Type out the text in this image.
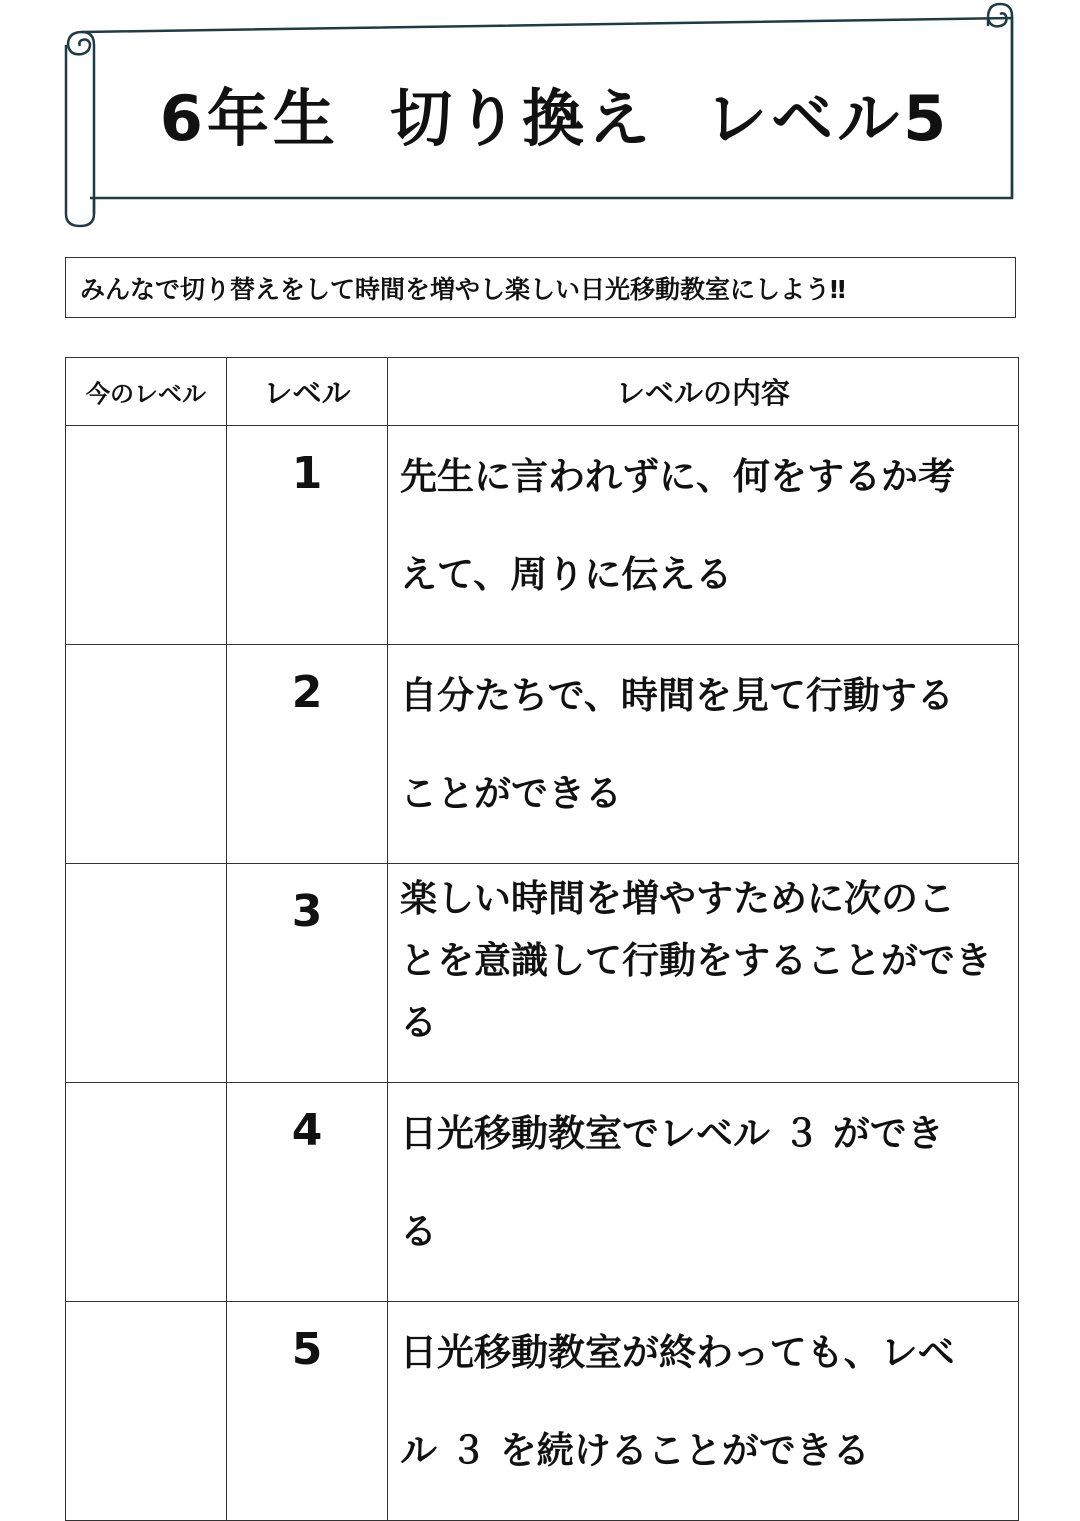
6年生  切り換え  レベル5
みんなで切り替えをして時間を増やし楽しい日光移動教室にしよう‼
今のレベル	レベル	レベルの内容
	1	先生に言われずに、何をするか考
えて、周りに伝える

	2	自分たちで、時間を見て行動する
ことができる

	3	楽しい時間を増やすために次のこ
とを意識して行動をすることができ
る

	4	日光移動教室でレベル ３ ができ
る

	5	日光移動教室が終わっても、レベ
ル ３ を続けることができる
